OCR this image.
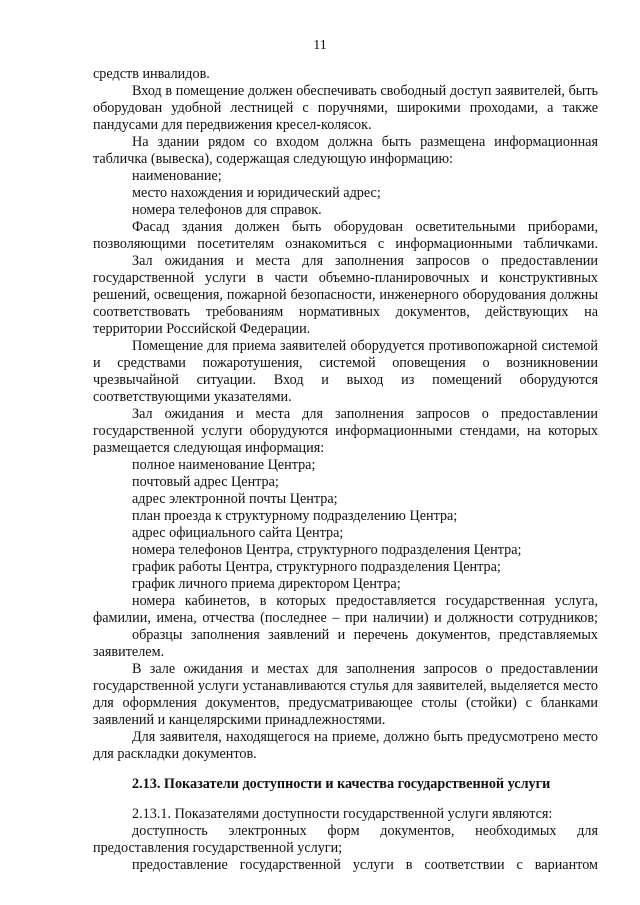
11
средств инвалидов.
Вход в помещение должен обеспечивать свободный доступ заявителей, быть
оборудован удобной лестницей с поручнями, широкими проходами, а также
пандусами для передвижения кресел-колясок.
На здании рядом со входом должна быть размещена информационная
табличка (вывеска), содержащая следующую информацию:
наименование;
место нахождения и юридический адрес;
номера телефонов для справок.
Фасад здания должен быть оборудован осветительными приборами,
позволяющими посетителям ознакомиться с информационными табличками.
Зал ожидания и места для заполнения запросов о предоставлении
государственной услуги в части объемно-планировочных и конструктивных
решений, освещения, пожарной безопасности, инженерного оборудования должны
соответствовать требованиям нормативных документов, действующих на
территории Российской Федерации.
Помещение для приема заявителей оборудуется противопожарной системой
и средствами пожаротушения, системой оповещения о возникновении
чрезвычайной ситуации. Вход и выход из помещений оборудуются
соответствующими указателями.
Зал ожидания и места для заполнения запросов о предоставлении
государственной услуги оборудуются информационными стендами, на которых
размещается следующая информация:
полное наименование Центра;
почтовый адрес Центра;
адрес электронной почты Центра;
план проезда к структурному подразделению Центра;
адрес официального сайта Центра;
номера телефонов Центра, структурного подразделения Центра;
график работы Центра, структурного подразделения Центра;
график личного приема директором Центра;
номера кабинетов, в которых предоставляется государственная услуга,
фамилии, имена, отчества (последнее – при наличии) и должности сотрудников;
образцы заполнения заявлений и перечень документов, представляемых
заявителем.
В зале ожидания и местах для заполнения запросов о предоставлении
государственной услуги устанавливаются стулья для заявителей, выделяется место
для оформления документов, предусматривающее столы (стойки) с бланками
заявлений и канцелярскими принадлежностями.
Для заявителя, находящегося на приеме, должно быть предусмотрено место
для раскладки документов.
2.13. Показатели доступности и качества государственной услуги
2.13.1. Показателями доступности государственной услуги являются:
доступность электронных форм документов, необходимых для
предоставления государственной услуги;
предоставление государственной услуги в соответствии с вариантом
